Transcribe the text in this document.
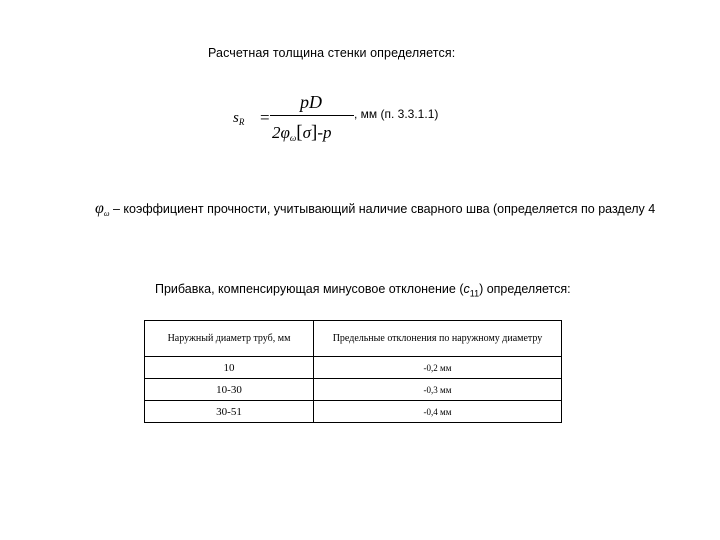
Расчетная толщина стенки определяется:
$s_R$ =
pD
$2\varphi_\omega[\sigma]-p$
, мм (п. 3.3.1.1)
$\varphi_\omega$ – коэффициент прочности, учитывающий наличие сварного шва (определяется по разделу 4
Прибавка, компенсирующая минусовое отклонение $(c_{11})$ определяется:
Наружный диаметр труб, мм	Предельные отклонения по наружному диаметру
10	-0,2 мм
10-30	-0,3 мм
30-51	-0,4 мм
